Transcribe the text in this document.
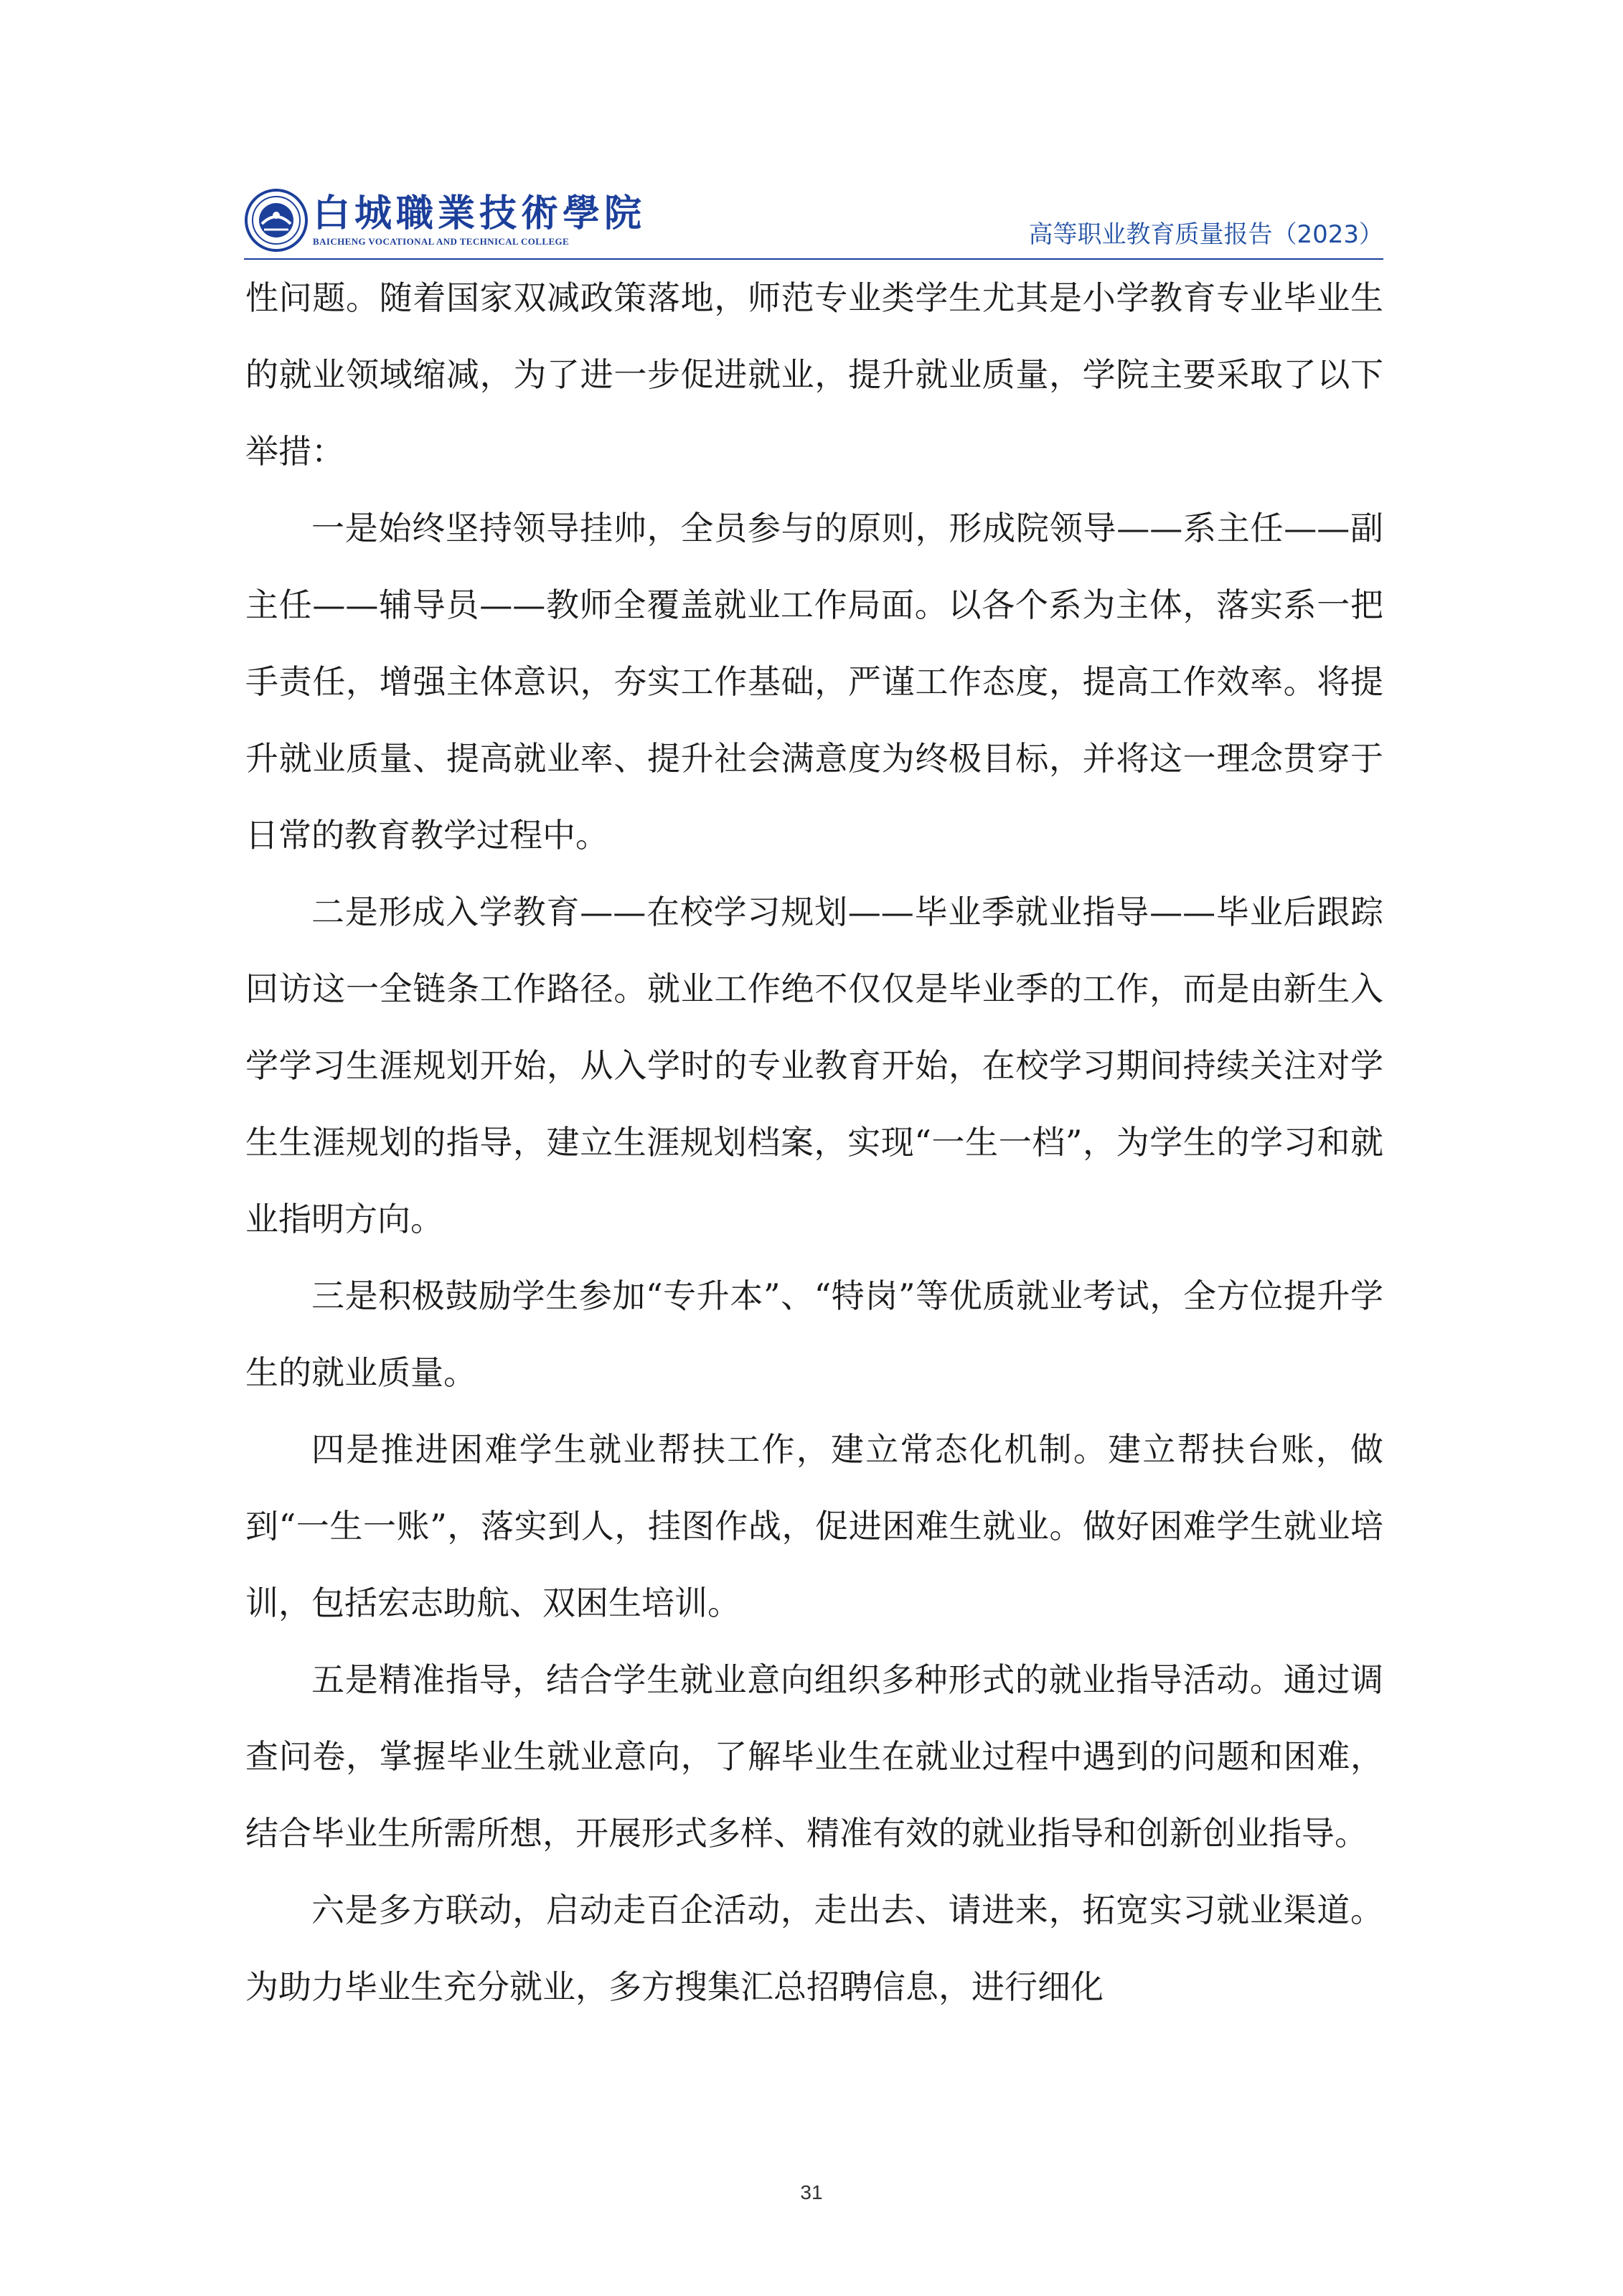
白城職業技術學院
BAICHENG VOCATIONAL AND TECHNICAL COLLEGE	高等职业教育质量报告（2023）

性问题。随着国家双减政策落地，师范专业类学生尤其是小学教育专业毕业生的就业领域缩减，为了进一步促进就业，提升就业质量，学院主要采取了以下举措：

一是始终坚持领导挂帅，全员参与的原则，形成院领导——系主任——副主任——辅导员——教师全覆盖就业工作局面。以各个系为主体，落实系一把手责任，增强主体意识，夯实工作基础，严谨工作态度，提高工作效率。将提升就业质量、提高就业率、提升社会满意度为终极目标，并将这一理念贯穿于日常的教育教学过程中。

二是形成入学教育——在校学习规划——毕业季就业指导——毕业后跟踪回访这一全链条工作路径。就业工作绝不仅仅是毕业季的工作，而是由新生入学学习生涯规划开始，从入学时的专业教育开始，在校学习期间持续关注对学生生涯规划的指导，建立生涯规划档案，实现“一生一档”，为学生的学习和就业指明方向。

三是积极鼓励学生参加“专升本”、“特岗”等优质就业考试，全方位提升学生的就业质量。

四是推进困难学生就业帮扶工作，建立常态化机制。建立帮扶台账，做到“一生一账”，落实到人，挂图作战，促进困难生就业。做好困难学生就业培训，包括宏志助航、双困生培训。

五是精准指导，结合学生就业意向组织多种形式的就业指导活动。通过调查问卷，掌握毕业生就业意向，了解毕业生在就业过程中遇到的问题和困难，结合毕业生所需所想，开展形式多样、精准有效的就业指导和创新创业指导。

六是多方联动，启动走百企活动，走出去、请进来，拓宽实习就业渠道。为助力毕业生充分就业，多方搜集汇总招聘信息，进行细化

31
